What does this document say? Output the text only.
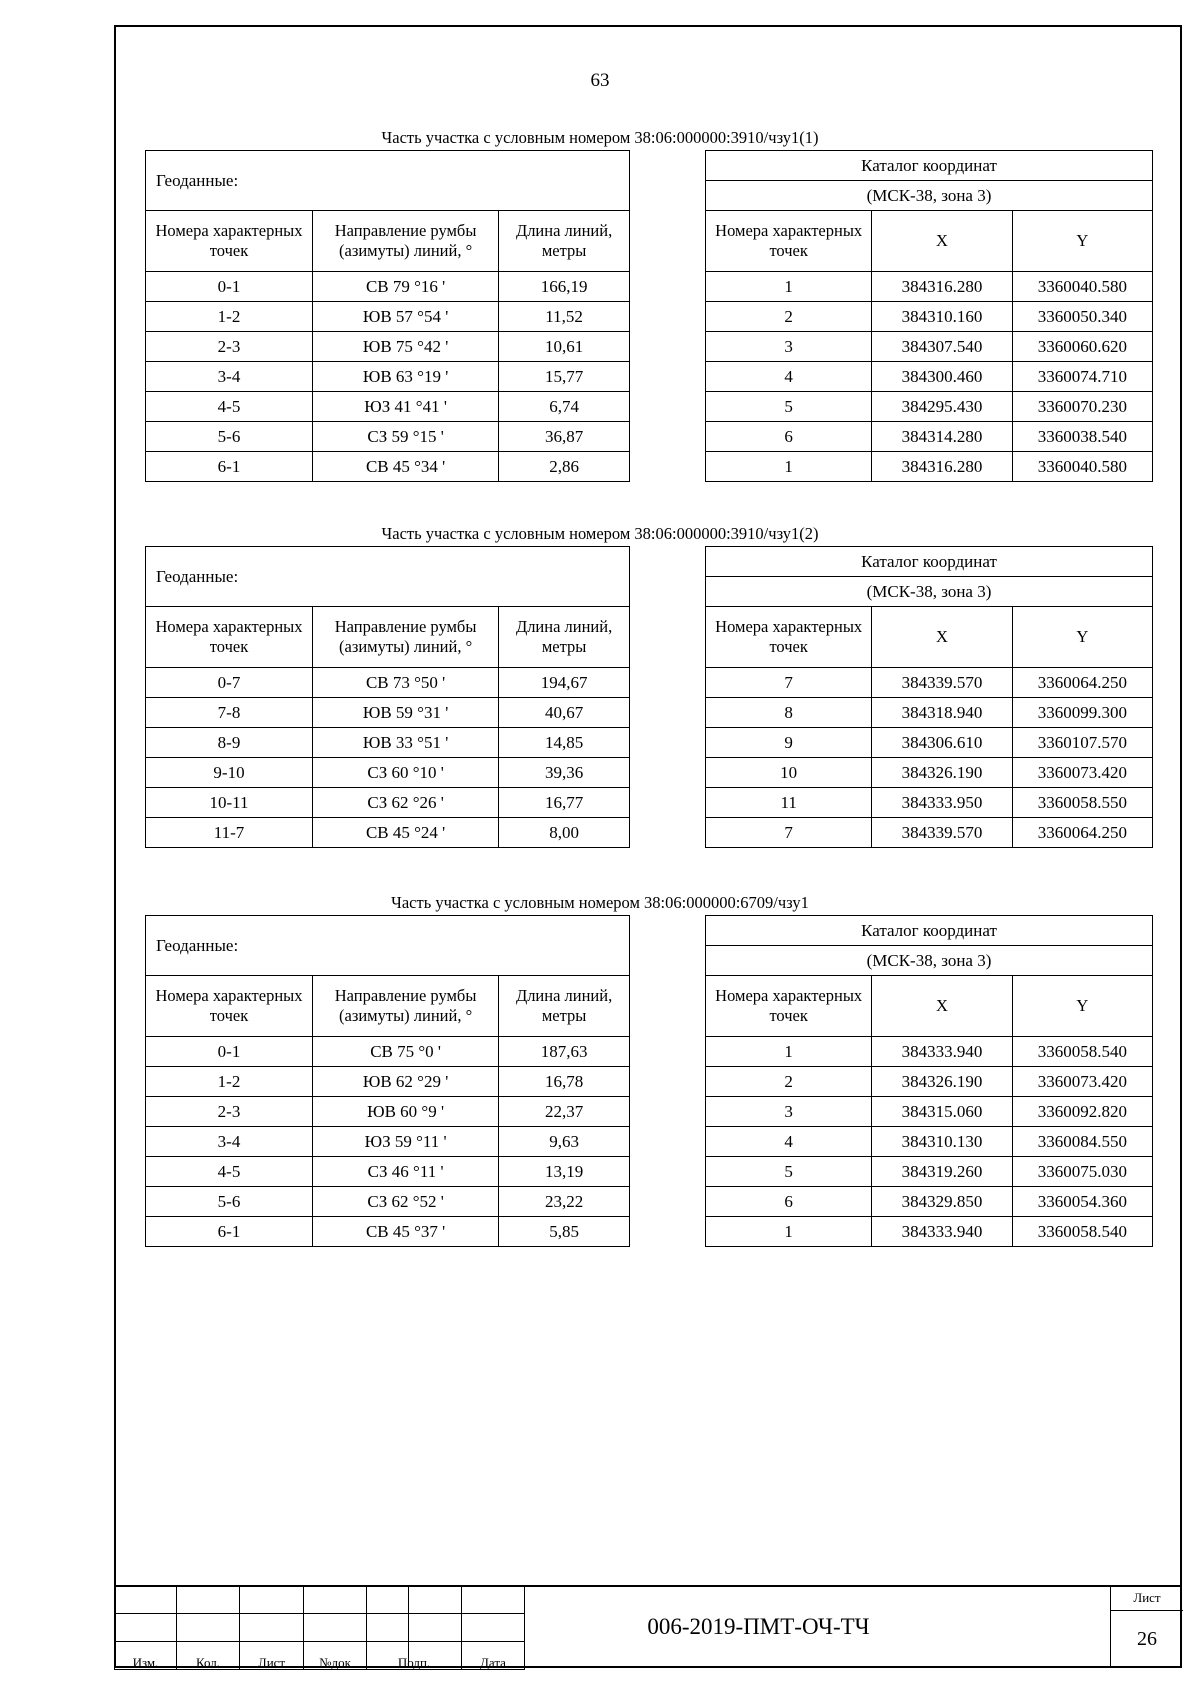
63
Часть участка с условным номером 38:06:000000:3910/чзу1(1)
Геоданные:		
Номера характерных точек	Направление румбы (азимуты) линий, °	Длина линий, метры
0-1	СВ 79 °16 '	166,19
1-2	ЮВ 57 °54 '	11,52
2-3	ЮВ 75 °42 '	10,61
3-4	ЮВ 63 °19 '	15,77
4-5	ЮЗ 41 °41 '	6,74
5-6	СЗ 59 °15 '	36,87
6-1	СВ 45 °34 '	2,86
Каталог координат		
(МСК-38, зона 3)		
Номера характерных точек	X	Y
1	384316.280	3360040.580
2	384310.160	3360050.340
3	384307.540	3360060.620
4	384300.460	3360074.710
5	384295.430	3360070.230
6	384314.280	3360038.540
1	384316.280	3360040.580
Часть участка с условным номером 38:06:000000:3910/чзу1(2)
Геоданные:		
Номера характерных точек	Направление румбы (азимуты) линий, °	Длина линий, метры
0-7	СВ 73 °50 '	194,67
7-8	ЮВ 59 °31 '	40,67
8-9	ЮВ 33 °51 '	14,85
9-10	СЗ 60 °10 '	39,36
10-11	СЗ 62 °26 '	16,77
11-7	СВ 45 °24 '	8,00
Каталог координат		
(МСК-38, зона 3)		
Номера характерных точек	X	Y
7	384339.570	3360064.250
8	384318.940	3360099.300
9	384306.610	3360107.570
10	384326.190	3360073.420
11	384333.950	3360058.550
7	384339.570	3360064.250
Часть участка с условным номером 38:06:000000:6709/чзу1
Геоданные:		
Номера характерных точек	Направление румбы (азимуты) линий, °	Длина линий, метры
0-1	СВ 75 °0 '	187,63
1-2	ЮВ 62 °29 '	16,78
2-3	ЮВ 60 °9 '	22,37
3-4	ЮЗ 59 °11 '	9,63
4-5	СЗ 46 °11 '	13,19
5-6	СЗ 62 °52 '	23,22
6-1	СВ 45 °37 '	5,85
Каталог координат		
(МСК-38, зона 3)		
Номера характерных точек	X	Y
1	384333.940	3360058.540
2	384326.190	3360073.420
3	384315.060	3360092.820
4	384310.130	3360084.550
5	384319.260	3360075.030
6	384329.850	3360054.360
1	384333.940	3360058.540

Изм.	Кол.	Лист	№док	Подп.	Дата
006-2019-ПМТ-ОЧ-ТЧ
Лист
26
